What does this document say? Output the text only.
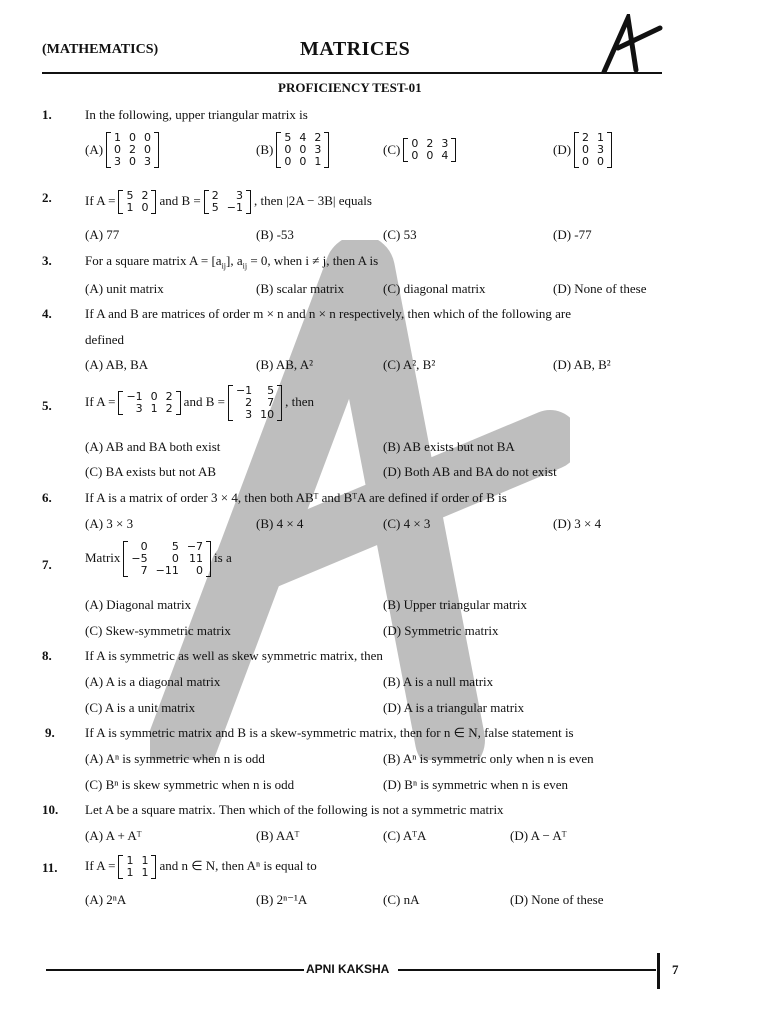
(MATHEMATICS)	MATRICES
PROFICIENCY TEST-01
1.	In the following, upper triangular matrix is
(A)
1	0	0
0	2	0
3	0	3
(B)
5	4	2
0	0	3
0	0	1
(C) 0	2	3
0	0	4	(D)
2	1
0	3
0	0
2.	If A = 5	2
1	0 and B = 2	3
5	−1 , then |2A − 3B| equals
(A) 77	(B) -53	(C) 53	(D) -77
3.	For a square matrix $A = [a_{ij}]$, $a_{ij} = 0$, when i ≠ j, then A is
(A) unit matrix	(B) scalar matrix	(C) diagonal matrix	(D) None of these
4.	If A and B are matrices of order m × n and n × n respectively, then which of the following are
defined
(A) AB, BA	(B) AB, A²	(C) A², B²	(D) AB, B²
5.	If A = −1	0	2
3	1	2 and B =
−1	5
2	7
3	10
, then
(A) AB and BA both exist	(B) AB exists but not BA
(C) BA exists but not AB	(D) Both AB and BA do not exist
6.	If A is a matrix of order 3 × 4, then both ABᵀ and BᵀA are defined if order of B is
(A) 3 × 3	(B) 4 × 4	(C) 4 × 3	(D) 3 × 4
7.	Matrix
0	5	−7
−5	0	11
7	−11	0
is a
(A) Diagonal matrix	(B) Upper triangular matrix
(C) Skew-symmetric matrix	(D) Symmetric matrix
8.	If A is symmetric as well as skew symmetric matrix, then
(A) A is a diagonal matrix	(B) A is a null matrix
(C) A is a unit matrix	(D) A is a triangular matrix
9. If A is symmetric matrix and B is a skew-symmetric matrix, then for n ∈ N, false statement is
(A) Aⁿ is symmetric when n is odd	(B) Aⁿ is symmetric only when n is even
(C) Bⁿ is skew symmetric when n is odd	(D) Bⁿ is symmetric when n is even
10. Let A be a square matrix. Then which of the following is not a symmetric matrix
(A) A + Aᵀ	(B) AAᵀ	(C) AᵀA	(D) A − Aᵀ
11. If A = 1	1
1	1 and n ∈ N, then Aⁿ is equal to
(A) 2ⁿA	(B) 2ⁿ⁻¹A	(C) nA	(D) None of these
APNI KAKSHA	7
